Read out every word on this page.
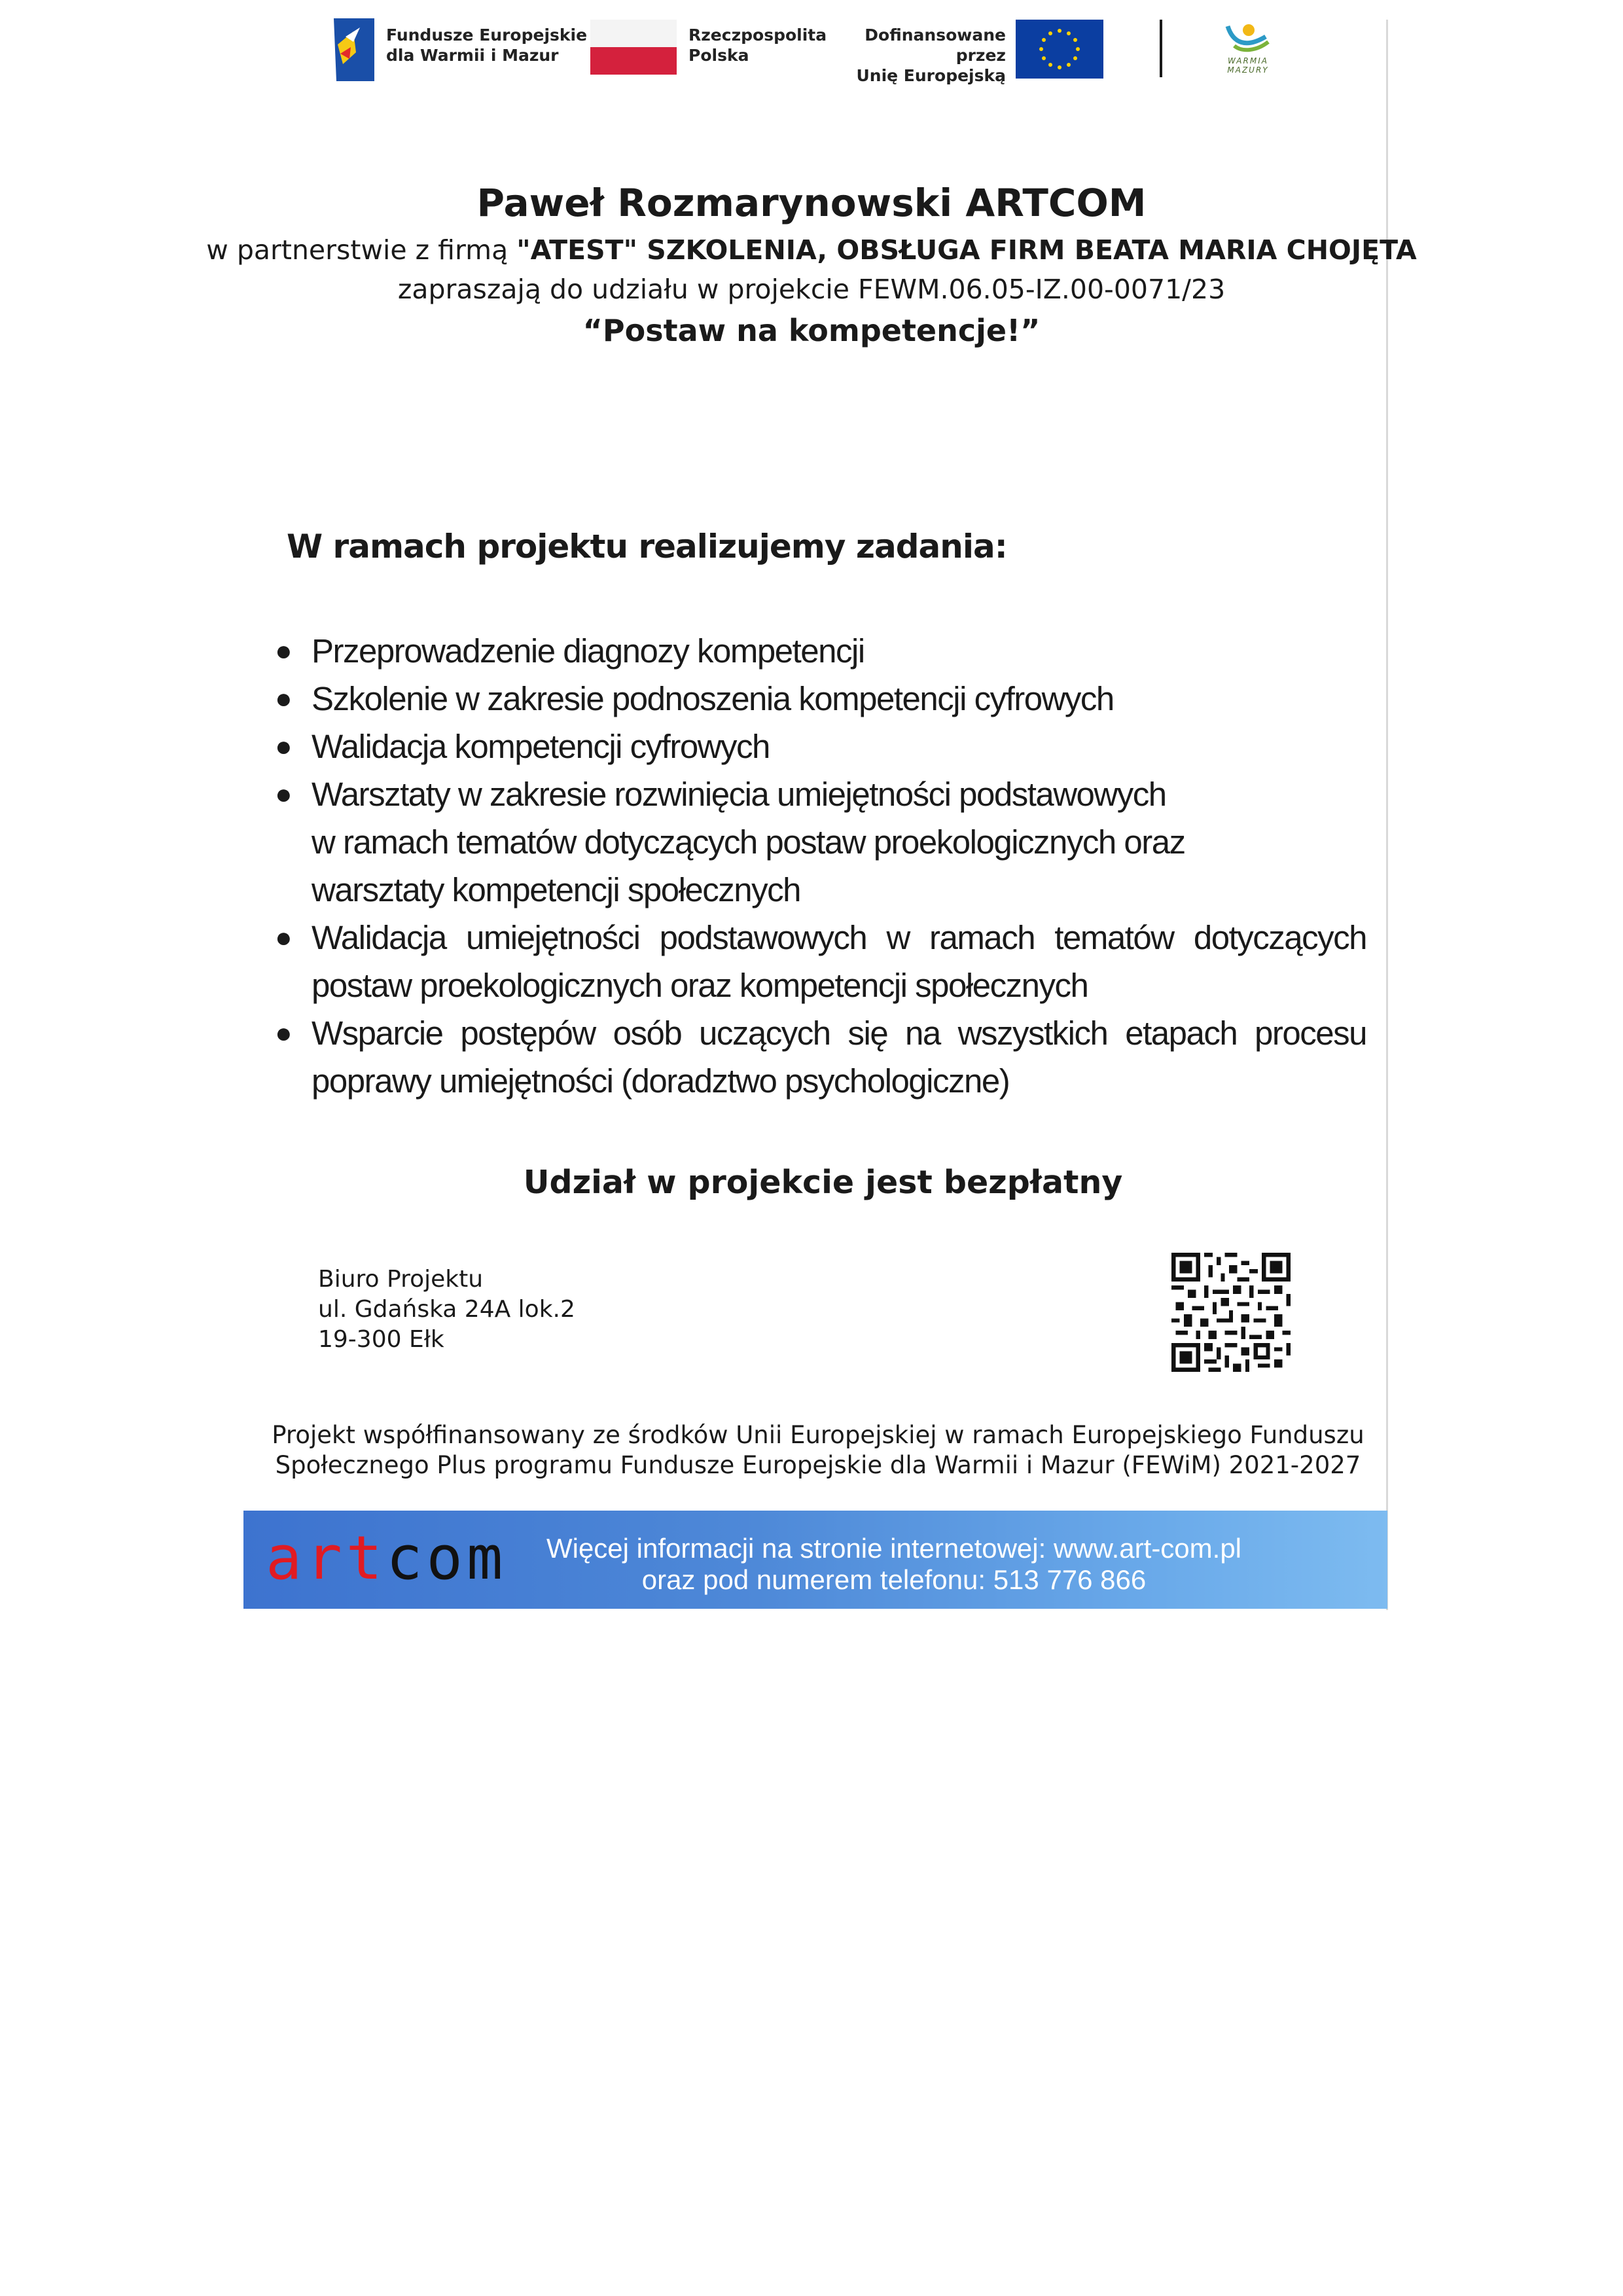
Fundusze Europejskie
dla Warmii i Mazur
Rzeczpospolita
Polska
Dofinansowane przez
Unię Europejską
WARMIA MAZURY
Paweł Rozmarynowski ARTCOM
w partnerstwie z firmą "ATEST" SZKOLENIA, OBSŁUGA FIRM BEATA MARIA CHOJĘTA
zapraszają do udziału w projekcie FEWM.06.05-IZ.00-0071/23
“Postaw na kompetencje!”
W ramach projektu realizujemy zadania:
● Przeprowadzenie diagnozy kompetencji
● Szkolenie w zakresie podnoszenia kompetencji cyfrowych
● Walidacja kompetencji cyfrowych
● Warsztaty w zakresie rozwinięcia umiejętności podstawowych
w ramach tematów dotyczących postaw proekologicznych oraz
warsztaty kompetencji społecznych
● Walidacja umiejętności podstawowych w ramach tematów dotyczących
postaw proekologicznych oraz kompetencji społecznych
● Wsparcie postępów osób uczących się na wszystkich etapach procesu
poprawy umiejętności (doradztwo psychologiczne)
Udział w projekcie jest bezpłatny
Biuro Projektu
ul. Gdańska 24A lok.2
19-300 Ełk
Projekt współfinansowany ze środków Unii Europejskiej w ramach Europejskiego Funduszu
Społecznego Plus programu Fundusze Europejskie dla Warmii i Mazur (FEWiM) 2021-2027
artcom	Więcej informacji na stronie internetowej: www.art-com.pl
oraz pod numerem telefonu: 513 776 866
